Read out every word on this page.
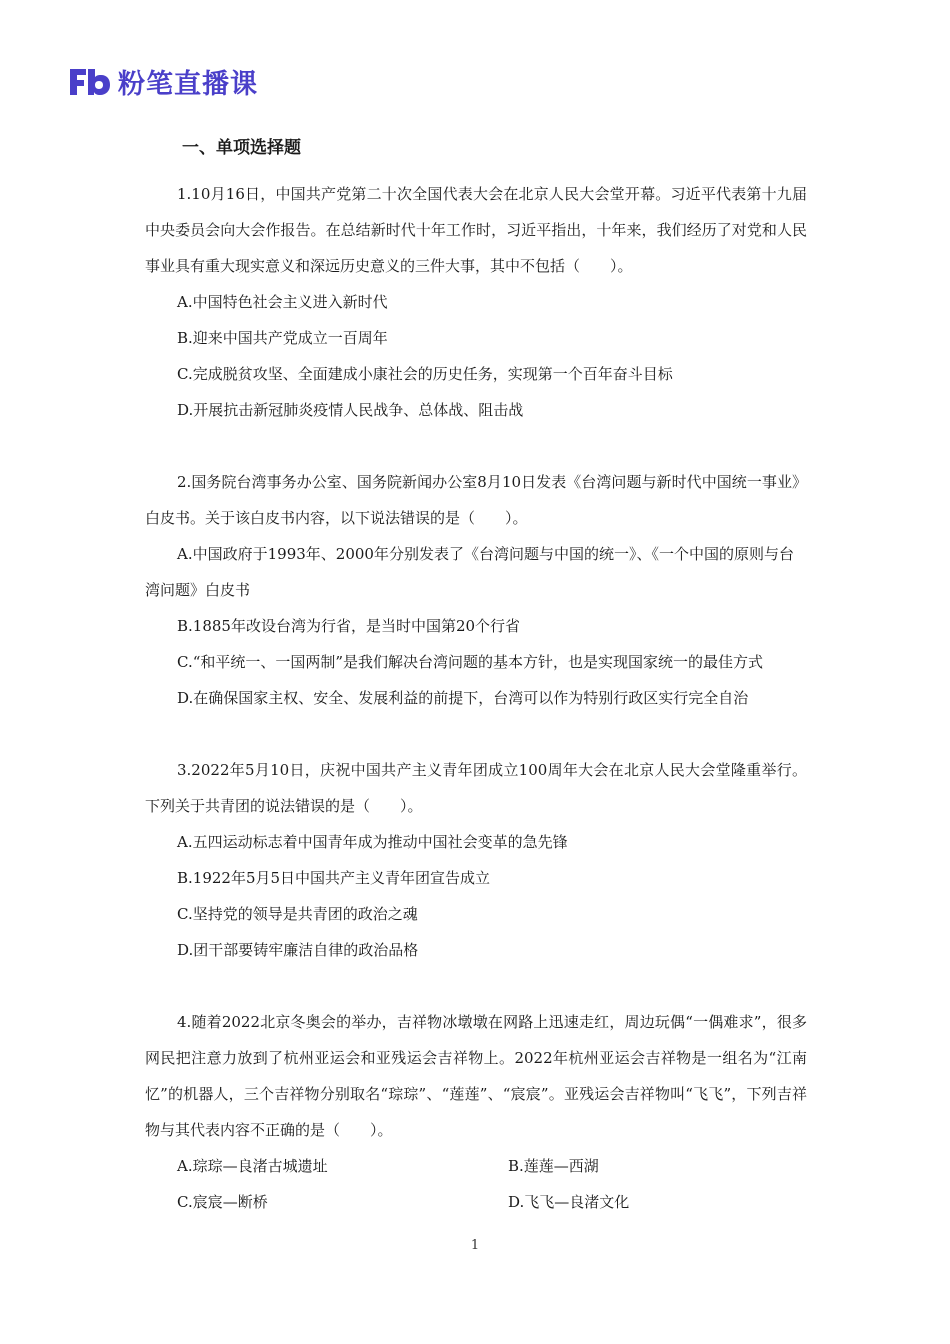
粉笔直播课
一、单项选择题

1.10月16日，中国共产党第二十次全国代表大会在北京人民大会堂开幕。习近平代表第十九届中央委员会向大会作报告。在总结新时代十年工作时，习近平指出，十年来，我们经历了对党和人民事业具有重大现实意义和深远历史意义的三件大事，其中不包括（　　）。

A.中国特色社会主义进入新时代

B.迎来中国共产党成立一百周年

C.完成脱贫攻坚、全面建成小康社会的历史任务，实现第一个百年奋斗目标

D.开展抗击新冠肺炎疫情人民战争、总体战、阻击战

2.国务院台湾事务办公室、国务院新闻办公室8月10日发表《台湾问题与新时代中国统一事业》白皮书。关于该白皮书内容，以下说法错误的是（　　）。

A.中国政府于1993年、2000年分别发表了《台湾问题与中国的统一》、《一个中国的原则与台湾问题》白皮书

B.1885年改设台湾为行省，是当时中国第20个行省

C.“和平统一、一国两制”是我们解决台湾问题的基本方针，也是实现国家统一的最佳方式

D.在确保国家主权、安全、发展利益的前提下，台湾可以作为特别行政区实行完全自治

3.2022年5月10日，庆祝中国共产主义青年团成立100周年大会在北京人民大会堂隆重举行。下列关于共青团的说法错误的是（　　）。

A.五四运动标志着中国青年成为推动中国社会变革的急先锋

B.1922年5月5日中国共产主义青年团宣告成立

C.坚持党的领导是共青团的政治之魂

D.团干部要铸牢廉洁自律的政治品格

4.随着2022北京冬奥会的举办，吉祥物冰墩墩在网路上迅速走红，周边玩偶“一偶难求”，很多网民把注意力放到了杭州亚运会和亚残运会吉祥物上。2022年杭州亚运会吉祥物是一组名为“江南忆”的机器人，三个吉祥物分别取名“琮琮”、“莲莲”、“宸宸”。亚残运会吉祥物叫“飞飞”，下列吉祥物与其代表内容不正确的是（　　）。

A.琮琮—良渚古城遗址	B.莲莲—西湖

C.宸宸—断桥	D.飞飞—良渚文化

1
